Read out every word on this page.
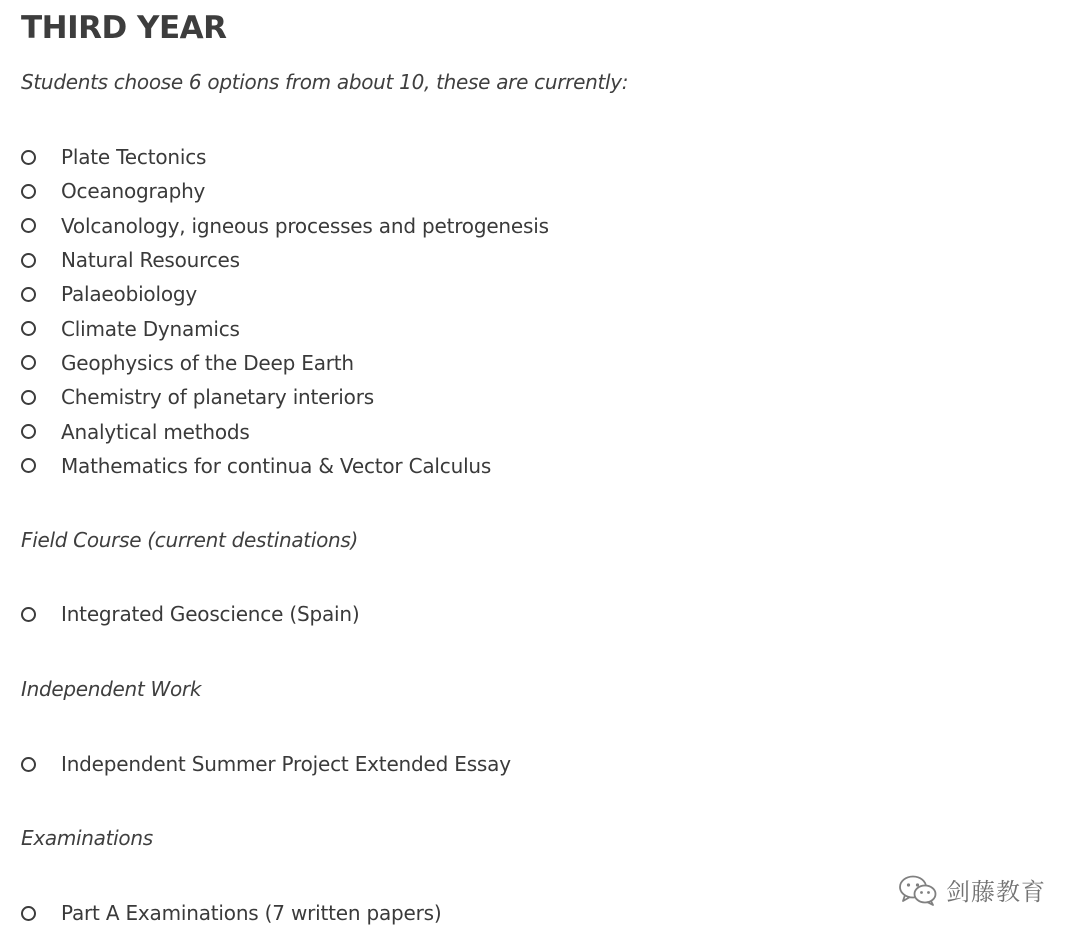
THIRD YEAR

Students choose 6 options from about 10, these are currently:

Plate Tectonics
Oceanography
Volcanology, igneous processes and petrogenesis
Natural Resources
Palaeobiology
Climate Dynamics
Geophysics of the Deep Earth
Chemistry of planetary interiors
Analytical methods
Mathematics for continua & Vector Calculus

Field Course (current destinations)

Integrated Geoscience (Spain)

Independent Work

Independent Summer Project Extended Essay

Examinations

Part A Examinations (7 written papers)
剑藤教育
